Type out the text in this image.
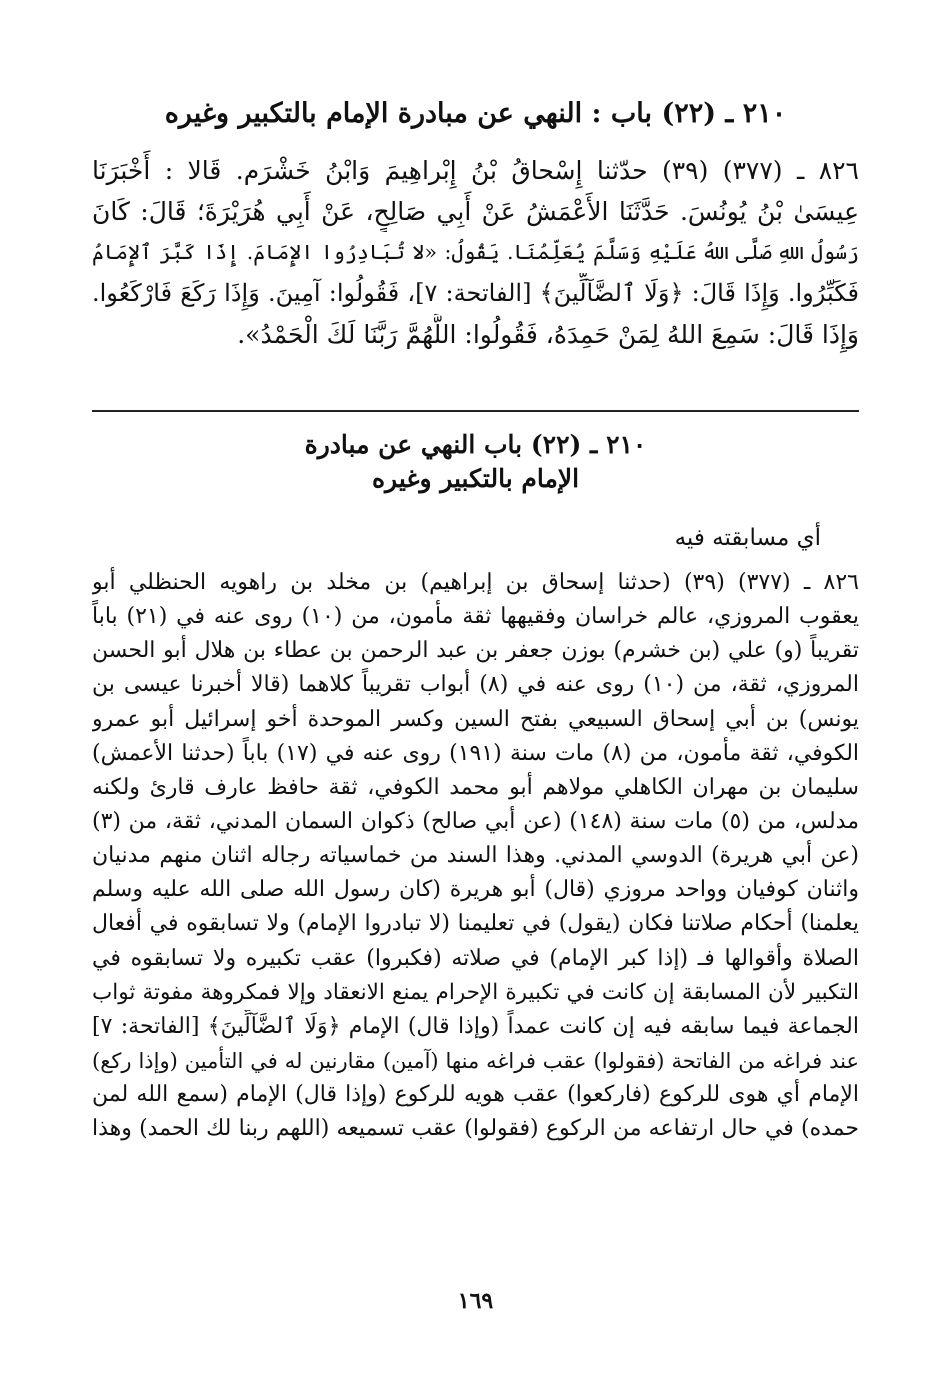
٢١٠ ـ (٢٢) باب : النهي عن مبادرة الإمام بالتكبير وغيره
٨٢٦ ـ (٣٧٧) (٣٩) حدّثنا إِسْحاقُ بْنُ إِبْراهِيمَ وَابْنُ خَشْرَم. قَالا : أَخْبَرَنَا
عِيسَىٰ بْنُ يُونُسَ. حَدَّثَنَا الأَعْمَشُ عَنْ أَبِي صَالِحٍ، عَنْ أَبِي هُرَيْرَةَ؛ قَالَ: كَانَ
رَسُولُ اللهِ صَلَّى اللهُ عَلَيْهِ وَسَلَّمَ يُعَلِّمُنَا. يَقُولُ: «لا تُبَادِرُوا الإِمَامَ. إِذَا كَبَّرَ ٱلإِمَامُ
فَكَبِّرُوا. وَإِذَا قَالَ: ﴿وَلَا ٱلضَّآلِّينَ﴾ [الفاتحة: ٧]، فَقُولُوا: آمِينَ. وَإِذَا رَكَعَ فَارْكَعُوا.
وَإِذَا قَالَ: سَمِعَ اللهُ لِمَنْ حَمِدَهُ، فَقُولُوا: اللَّهُمَّ رَبَّنَا لَكَ الْحَمْدُ».
٢١٠ ـ (٢٢) باب النهي عن مبادرة
الإمام بالتكبير وغيره

أي مسابقته فيه

٨٢٦ ـ (٣٧٧) (٣٩) (حدثنا إسحاق بن إبراهيم) بن مخلد بن راهويه الحنظلي أبو
يعقوب المروزي، عالم خراسان وفقيهها ثقة مأمون، من (١٠) روى عنه في (٢١) باباً
تقريباً (و) علي (بن خشرم) بوزن جعفر بن عبد الرحمن بن عطاء بن هلال أبو الحسن
المروزي، ثقة، من (١٠) روى عنه في (٨) أبواب تقريباً كلاهما (قالا أخبرنا عيسى بن
يونس) بن أبي إسحاق السبيعي بفتح السين وكسر الموحدة أخو إسرائيل أبو عمرو
الكوفي، ثقة مأمون، من (٨) مات سنة (١٩١) روى عنه في (١٧) باباً (حدثنا الأعمش)
سليمان بن مهران الكاهلي مولاهم أبو محمد الكوفي، ثقة حافظ عارف قارئ ولكنه
مدلس، من (٥) مات سنة (١٤٨) (عن أبي صالح) ذكوان السمان المدني، ثقة، من (٣)
(عن أبي هريرة) الدوسي المدني. وهذا السند من خماسياته رجاله اثنان منهم مدنيان
واثنان كوفيان وواحد مروزي (قال) أبو هريرة (كان رسول الله صلى الله عليه وسلم
يعلمنا) أحكام صلاتنا فكان (يقول) في تعليمنا (لا تبادروا الإمام) ولا تسابقوه في أفعال
الصلاة وأقوالها فـ (إذا كبر الإمام) في صلاته (فكبروا) عقب تكبيره ولا تسابقوه في
التكبير لأن المسابقة إن كانت في تكبيرة الإحرام يمنع الانعقاد وإلا فمكروهة مفوتة ثواب
الجماعة فيما سابقه فيه إن كانت عمداً (وإذا قال) الإمام ﴿وَلَا ٱلضَّآلِّينَ﴾ [الفاتحة: ٧]
عند فراغه من الفاتحة (فقولوا) عقب فراغه منها (آمين) مقارنين له في التأمين (وإذا ركع)
الإمام أي هوى للركوع (فاركعوا) عقب هويه للركوع (وإذا قال) الإمام (سمع الله لمن
حمده) في حال ارتفاعه من الركوع (فقولوا) عقب تسميعه (اللهم ربنا لك الحمد) وهذا

١٦٩
